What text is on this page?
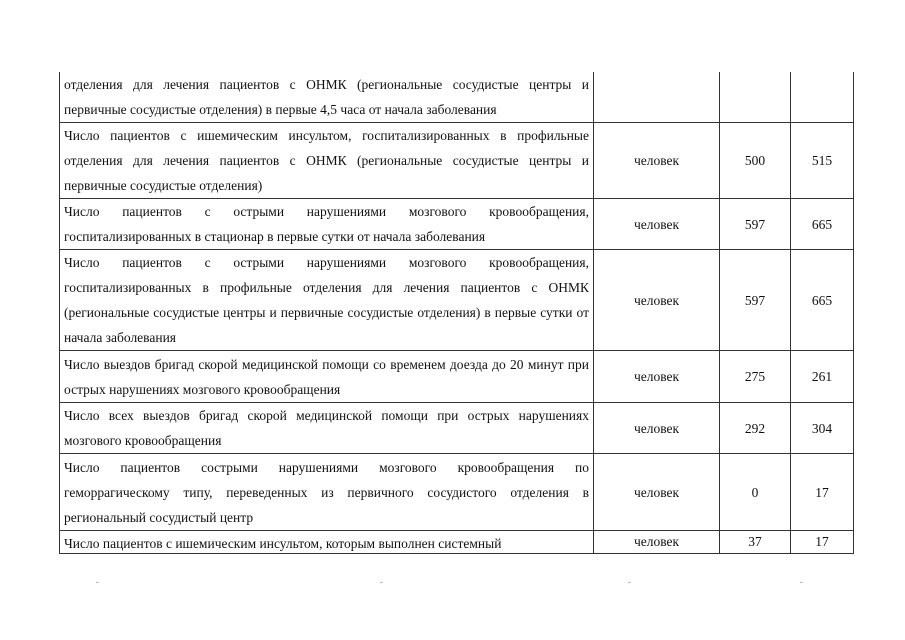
отделения для лечения пациентов с ОНМК (региональные сосудистые центры и первичные сосудистые отделения) в первые 4,5 часа от начала заболевания			
Число пациентов с ишемическим инсультом, госпитализированных в профильные отделения для лечения пациентов с ОНМК (региональные сосудистые центры и первичные сосудистые отделения)	человек	500	515
Число пациентов с острыми нарушениями мозгового кровообращения, госпитализированных в стационар в первые сутки от начала заболевания	человек	597	665
Число пациентов с острыми нарушениями мозгового кровообращения, госпитализированных в профильные отделения для лечения пациентов с ОНМК (региональные сосудистые центры и первичные сосудистые отделения) в первые сутки от начала заболевания	человек	597	665
Число выездов бригад скорой медицинской помощи со временем доезда до 20 минут при острых нарушениях мозгового кровообращения	человек	275	261
Число всех выездов бригад скорой медицинской помощи при острых нарушениях мозгового кровообращения	человек	292	304
Число пациентов сострыми нарушениями мозгового кровообращения по геморрагическому типу, переведенных из первичного сосудистого отделения в региональный сосудистый центр	человек	0	17

Число пациентов с ишемическим инсультом, которым выполнен системный	человек	37	17
